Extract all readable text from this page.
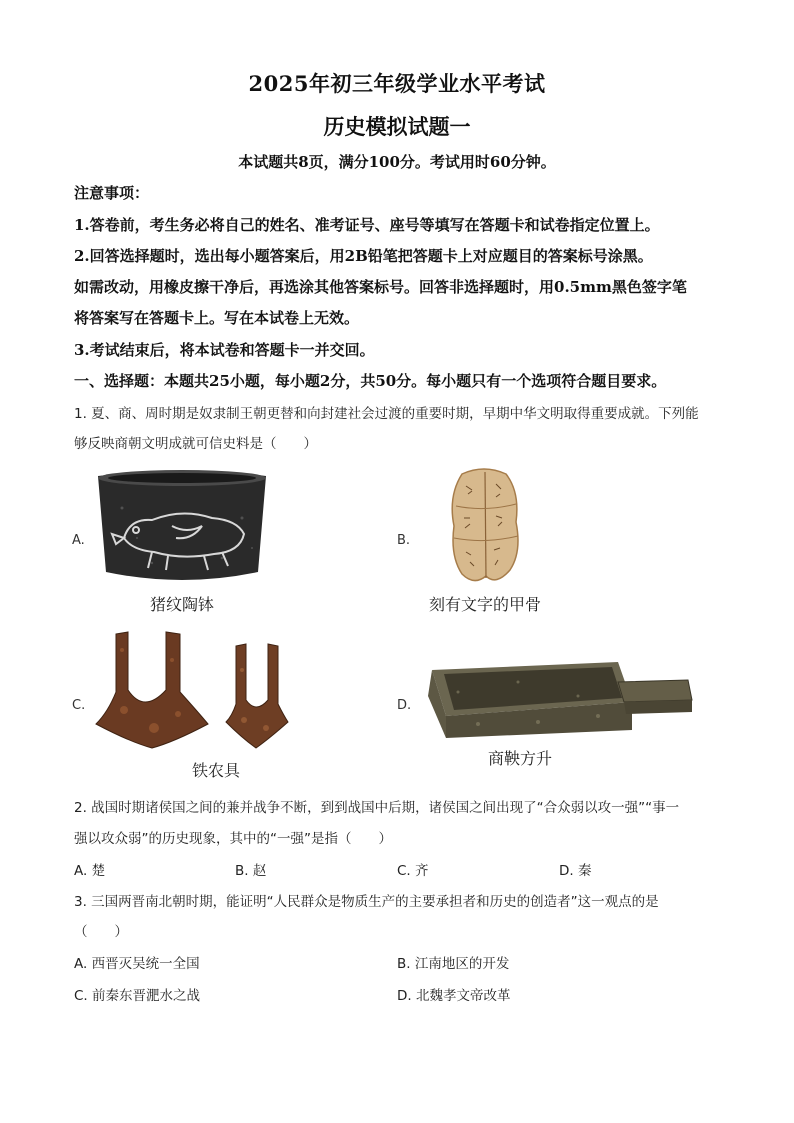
2025年初三年级学业水平考试
历史模拟试题一
本试题共8页，满分100分。考试用时60分钟。
注意事项：
1.答卷前，考生务必将自己的姓名、准考证号、座号等填写在答题卡和试卷指定位置上。
2.回答选择题时，选出每小题答案后，用2B铅笔把答题卡上对应题目的答案标号涂黑。
如需改动，用橡皮擦干净后，再选涂其他答案标号。回答非选择题时，用0.5mm黑色签字笔
将答案写在答题卡上。写在本试卷上无效。
3.考试结束后，将本试卷和答题卡一并交回。
一、选择题：本题共25小题，每小题2分，共50分。每小题只有一个选项符合题目要求。
1. 夏、商、周时期是奴隶制王朝更替和向封建社会过渡的重要时期，早期中华文明取得重要成就。下列能
够反映商朝文明成就可信史料是（　　）
A.
猪纹陶钵
B.
刻有文字的甲骨
C.
铁农具
D.
商鞅方升
2. 战国时期诸侯国之间的兼并战争不断，到到战国中后期，诸侯国之间出现了“合众弱以攻一强”“事一
强以攻众弱”的历史现象，其中的“一强”是指（　　）
A. 楚	B. 赵	C. 齐	D. 秦
3. 三国两晋南北朝时期，能证明“人民群众是物质生产的主要承担者和历史的创造者”这一观点的是
（　　）
A. 西晋灭吴统一全国	B. 江南地区的开发
C. 前秦东晋淝水之战	D. 北魏孝文帝改革
